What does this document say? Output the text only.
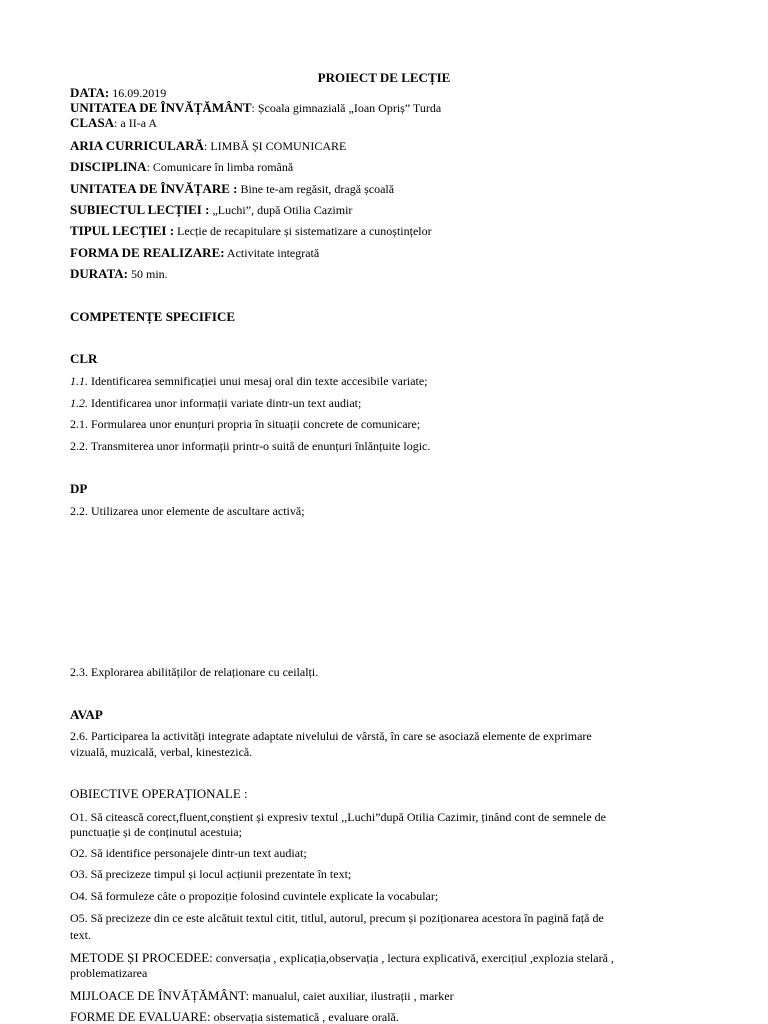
PROIECT DE LECȚIE
DATA: 16.09.2019
UNITATEA DE ÎNVĂȚĂMÂNT: Școala gimnazială „Ioan Opriș” Turda
CLASA: a II-a A
ARIA CURRICULARĂ: LIMBĂ ȘI COMUNICARE
DISCIPLINA: Comunicare în limba română
UNITATEA DE ÎNVĂȚARE : Bine te-am regăsit, dragă școală
SUBIECTUL LECȚIEI : „Luchi”, după Otilia Cazimir
TIPUL LECȚIEI : Lecție de recapitulare și sistematizare a cunoștințelor
FORMA DE REALIZARE: Activitate integrată
DURATA: 50 min.
COMPETENȚE SPECIFICE
CLR
1.1. Identificarea semnificației unui mesaj oral din texte accesibile variate;
1.2. Identificarea unor informații variate dintr-un text audiat;
2.1. Formularea unor enunțuri propria în situații concrete de comunicare;
2.2. Transmiterea unor informații printr-o suită de enunțuri înlănțuite logic.
DP
2.2. Utilizarea unor elemente de ascultare activă;
2.3. Explorarea abilităților de relaționare cu ceilalți.
AVAP
2.6. Participarea la activități integrate adaptate nivelului de vârstă, în care se asociază elemente de exprimare
vizuală, muzicală, verbal, kinestezică.
OBIECTIVE OPERAȚIONALE :
O1. Să citească corect,fluent,conștient și expresiv textul ,,Luchi”după Otilia Cazimir, ținând cont de semnele de
punctuație și de conținutul acestuia;
O2. Să identifice personajele dintr-un text audiat;
O3. Să precizeze timpul și locul acțiunii prezentate în text;
O4. Să formuleze câte o propoziție folosind cuvintele explicate la vocabular;
O5. Să precizeze din ce este alcătuit textul citit, titlul, autorul, precum și poziționarea acestora în pagină față de
text.
METODE ȘI PROCEDEE: conversația , explicația,observația , lectura explicativă, exercițiul ,explozia stelară ,
problematizarea
MIJLOACE DE ÎNVĂȚĂMÂNT: manualul, caiet auxiliar, ilustrații , marker
FORME DE EVALUARE: observația sistematică , evaluare orală.
